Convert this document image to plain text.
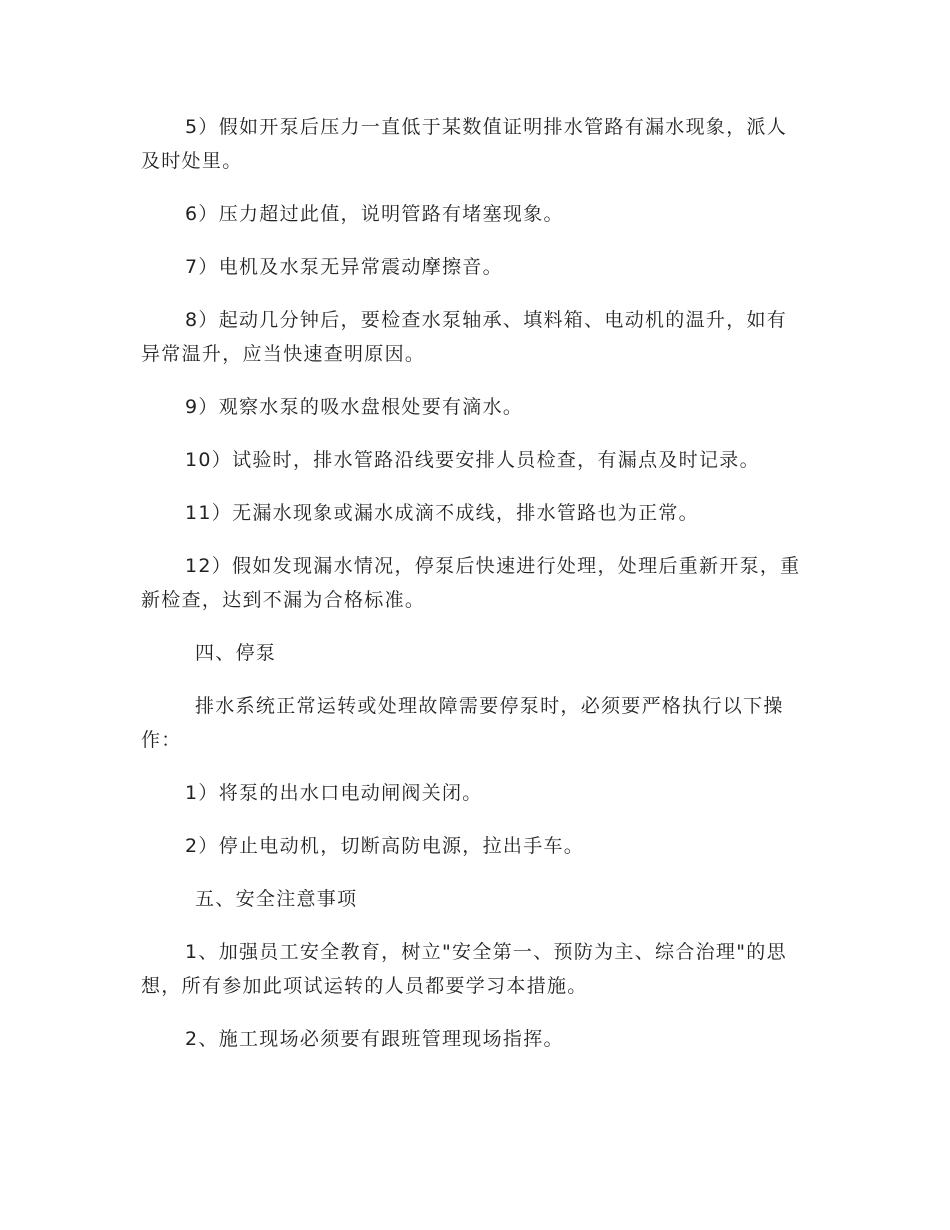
5）假如开泵后压力一直低于某数值证明排水管路有漏水现象，派人及时处里。

6）压力超过此值，说明管路有堵塞现象。

7）电机及水泵无异常震动摩擦音。

8）起动几分钟后，要检查水泵轴承、填料箱、电动机的温升，如有异常温升，应当快速查明原因。

9）观察水泵的吸水盘根处要有滴水。

10）试验时，排水管路沿线要安排人员检查，有漏点及时记录。

11）无漏水现象或漏水成滴不成线，排水管路也为正常。

12）假如发现漏水情况，停泵后快速进行处理，处理后重新开泵，重新检查，达到不漏为合格标准。

四、停泵

排水系统正常运转或处理故障需要停泵时，必须要严格执行以下操作：

1）将泵的出水口电动闸阀关闭。

2）停止电动机，切断高防电源，拉出手车。

五、安全注意事项

1、加强员工安全教育，树立"安全第一、预防为主、综合治理"的思想，所有参加此项试运转的人员都要学习本措施。

2、施工现场必须要有跟班管理现场指挥。
